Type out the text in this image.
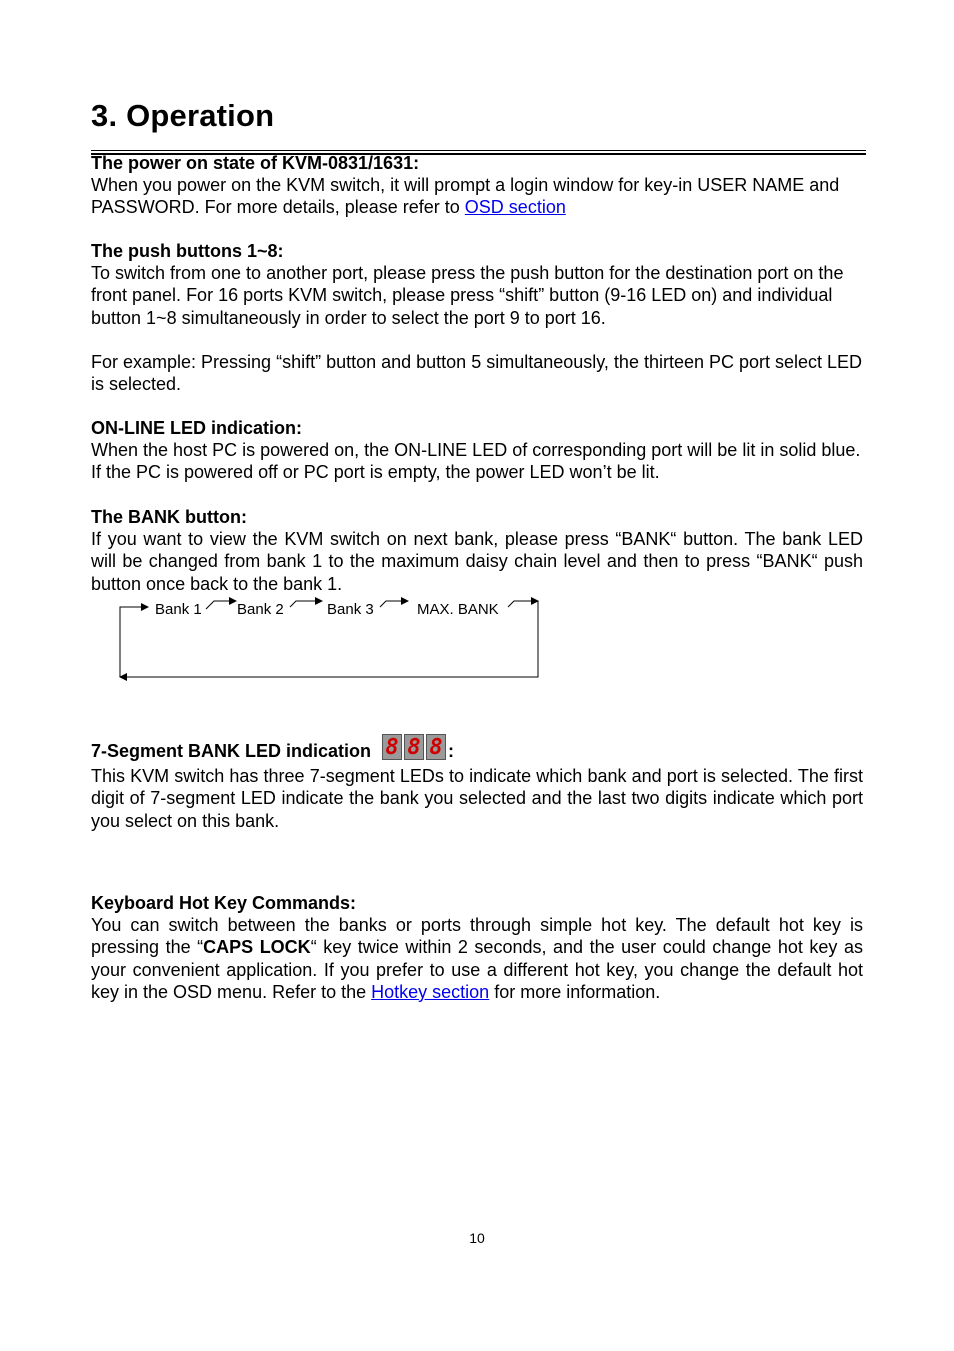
3. Operation
The power on state of KVM-0831/1631:

When you power on the KVM switch, it will prompt a login window for key-in USER NAME and PASSWORD. For more details, please refer to OSD section

The push buttons 1~8:

To switch from one to another port, please press the push button for the destination port on the front panel. For 16 ports KVM switch, please press “shift” button (9-16 LED on) and individual button 1~8 simultaneously in order to select the port 9 to port 16.

For example: Pressing “shift” button and button 5 simultaneously, the thirteen PC port select LED is selected.

ON-LINE LED indication:

When the host PC is powered on, the ON-LINE LED of corresponding port will be lit in solid blue. If the PC is powered off or PC port is empty, the power LED won’t be lit.

The BANK button:

If you want to view the KVM switch on next bank, please press “BANK“ button. The bank LED will be changed from bank 1 to the maximum daisy chain level and then to press “BANK“ push button once back to the bank 1.

Bank 1 Bank 2	Bank 3	MAX. BANK
7-Segment BANK LED indication 8 8 8 :

This KVM switch has three 7-segment LEDs to indicate which bank and port is selected. The first digit of 7-segment LED indicate the bank you selected and the last two digits indicate which port you select on this bank.

Keyboard Hot Key Commands:

You can switch between the banks or ports through simple hot key. The default hot key is pressing the “CAPS LOCK“ key twice within 2 seconds, and the user could change hot key as your convenient application. If you prefer to use a different hot key, you change the default hot key in the OSD menu. Refer to the Hotkey section for more information.

10
